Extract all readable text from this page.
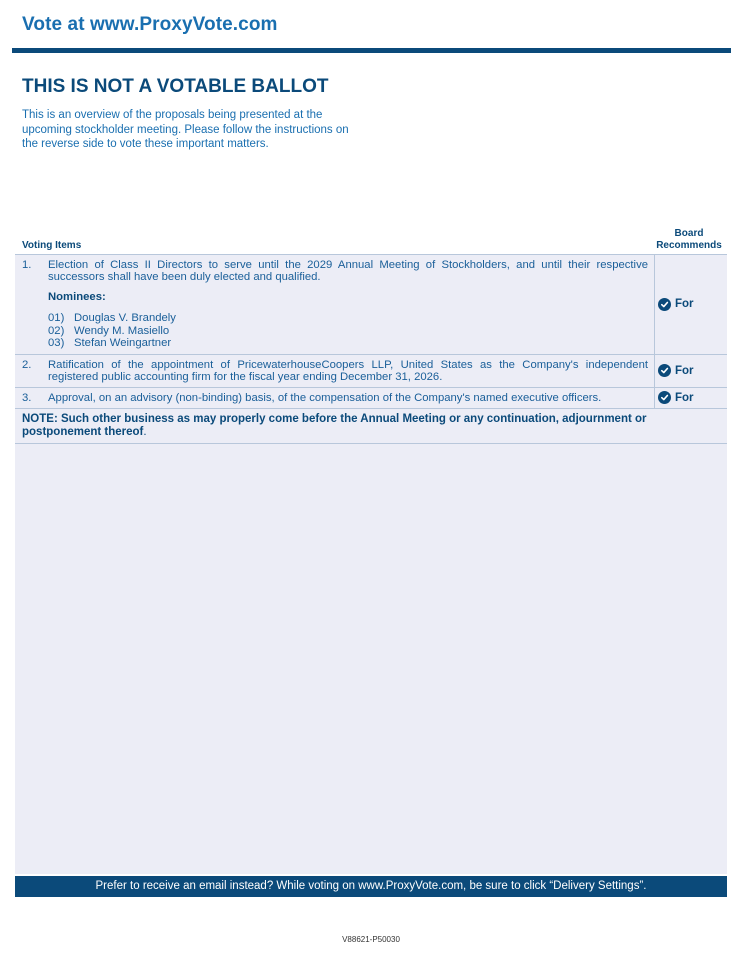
Vote at www.ProxyVote.com
THIS IS NOT A VOTABLE BALLOT
This is an overview of the proposals being presented at the upcoming stockholder meeting. Please follow the instructions on the reverse side to vote these important matters.
Voting Items
Board
Recommends
1.	Election of Class II Directors to serve until the 2029 Annual Meeting of Stockholders, and until their respective successors shall have been duly elected and qualified.
Nominees:
01) Douglas V. Brandely
02) Wendy M. Masiello
03) Stefan Weingartner
For
2.	Ratification of the appointment of PricewaterhouseCoopers LLP, United States as the Company's independent registered public accounting firm for the fiscal year ending December 31, 2026.	For
3.	Approval, on an advisory (non-binding) basis, of the compensation of the Company's named executive officers.	For
NOTE: Such other business as may properly come before the Annual Meeting or any continuation, adjournment or postponement thereof.
Prefer to receive an email instead? While voting on www.ProxyVote.com, be sure to click “Delivery Settings”.
V88621-P50030
